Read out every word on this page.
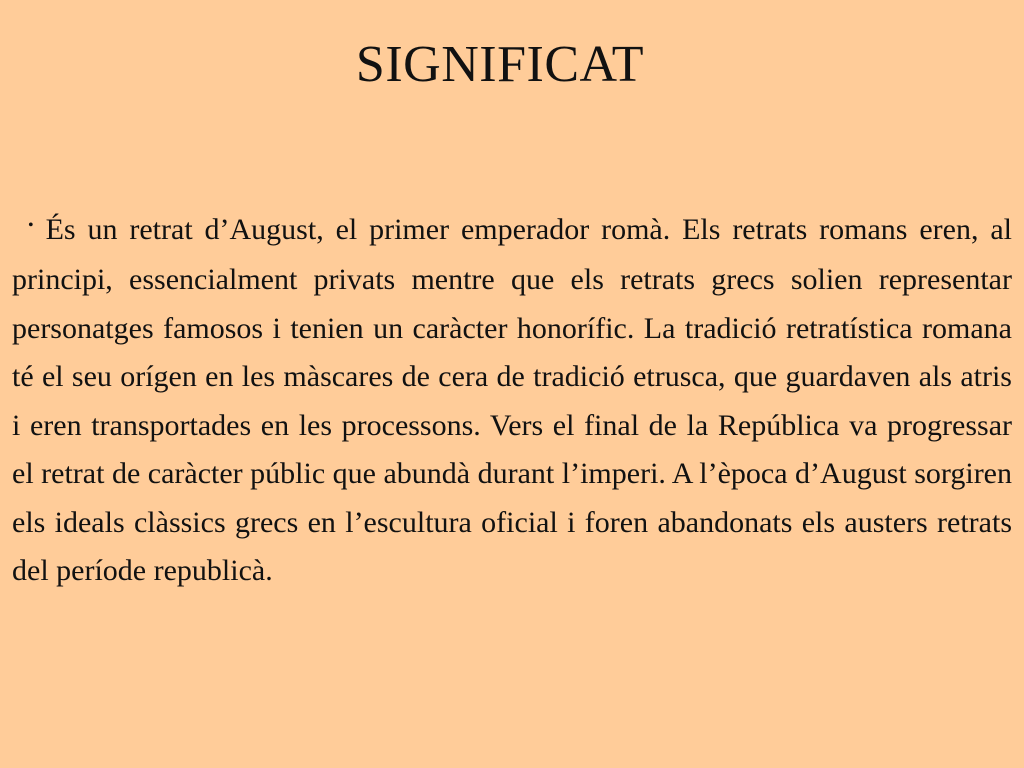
SIGNIFICAT

• És un retrat d’August, el primer emperador romà. Els retrats romans eren, al principi, essencialment privats mentre que els retrats grecs solien representar personatges famosos i tenien un caràcter honorífic. La tradició retratística romana té el seu orígen en les màscares de cera de tradició etrusca, que guardaven als atris i eren transportades en les processons. Vers el final de la República va progressar el retrat de caràcter públic que abundà durant l’imperi. A l’època d’August sorgiren els ideals clàssics grecs en l’escultura oficial i foren abandonats els austers retrats del període republicà.
